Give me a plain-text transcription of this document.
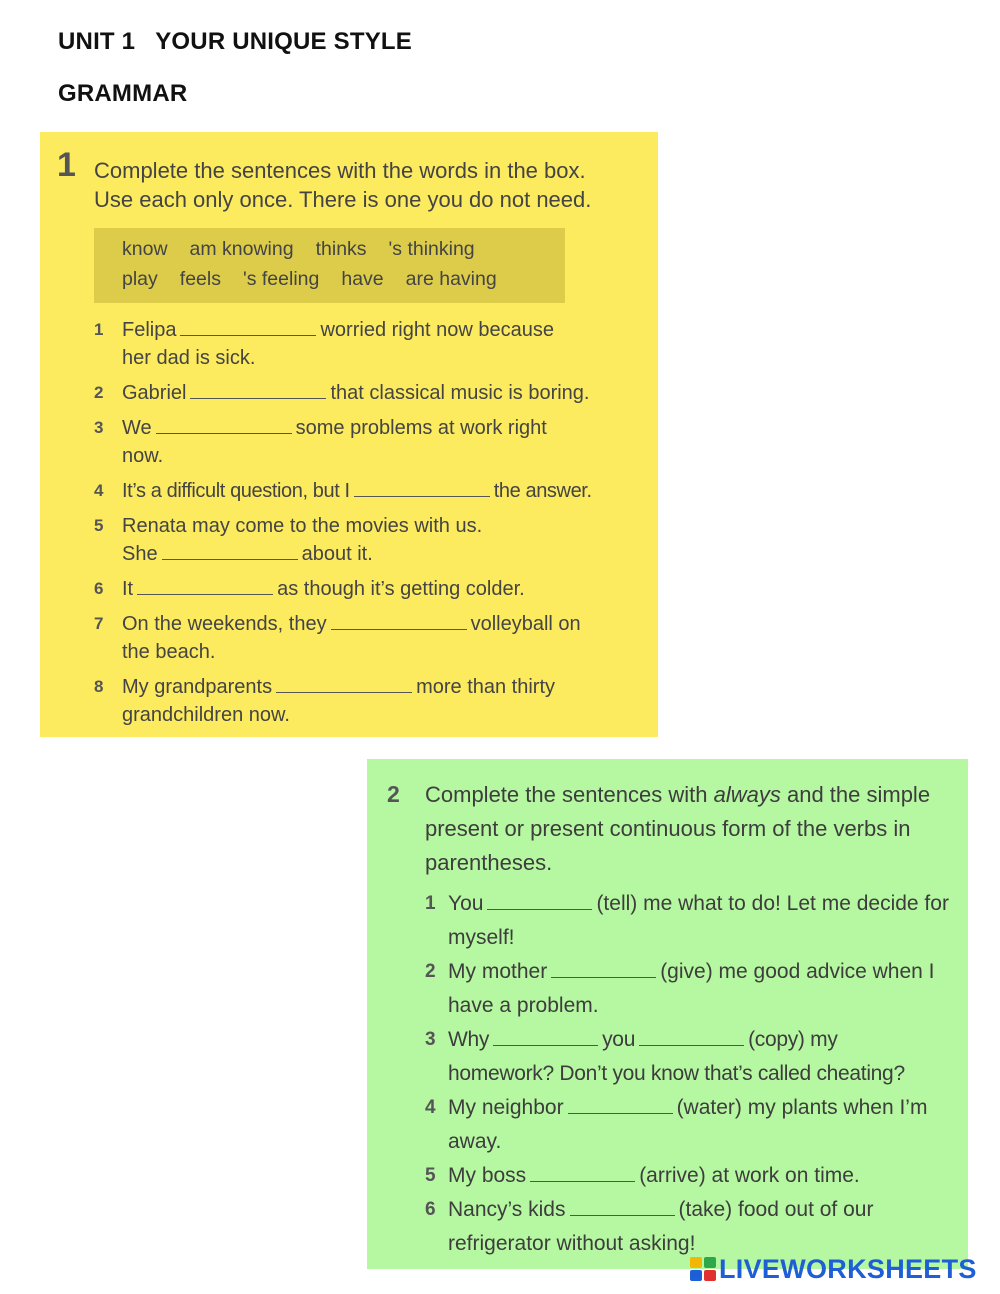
UNIT 1 YOUR UNIQUE STYLE
GRAMMAR
1 Complete the sentences with the words in the box.
Use each only once. There is one you do not need.
know am knowing thinks 's thinking
play feels 's feeling have are having
1 Felipa	worried right now because
her dad is sick.
2 Gabriel	that classical music is boring.
3 We	some problems at work right
now.
4 It’s a difficult question, but I	the answer.
5 Renata may come to the movies with us.
She	about it.
6 It	as though it’s getting colder.
7 On the weekends, they	volleyball on
the beach.
8 My grandparents	more than thirty
grandchildren now.
2 Complete the sentences with always and the simple
present or present continuous form of the verbs in
parentheses.
1 You	(tell) me what to do! Let me decide for
myself!
2 My mother	(give) me good advice when I
have a problem.
3 Why	you	(copy) my
homework? Don’t you know that’s called cheating?
4 My neighbor	(water) my plants when I’m
away.
5 My boss	(arrive) at work on time.
6 Nancy’s kids	(take) food out of our
refrigerator without asking!
LIVEWORKSHEETS
